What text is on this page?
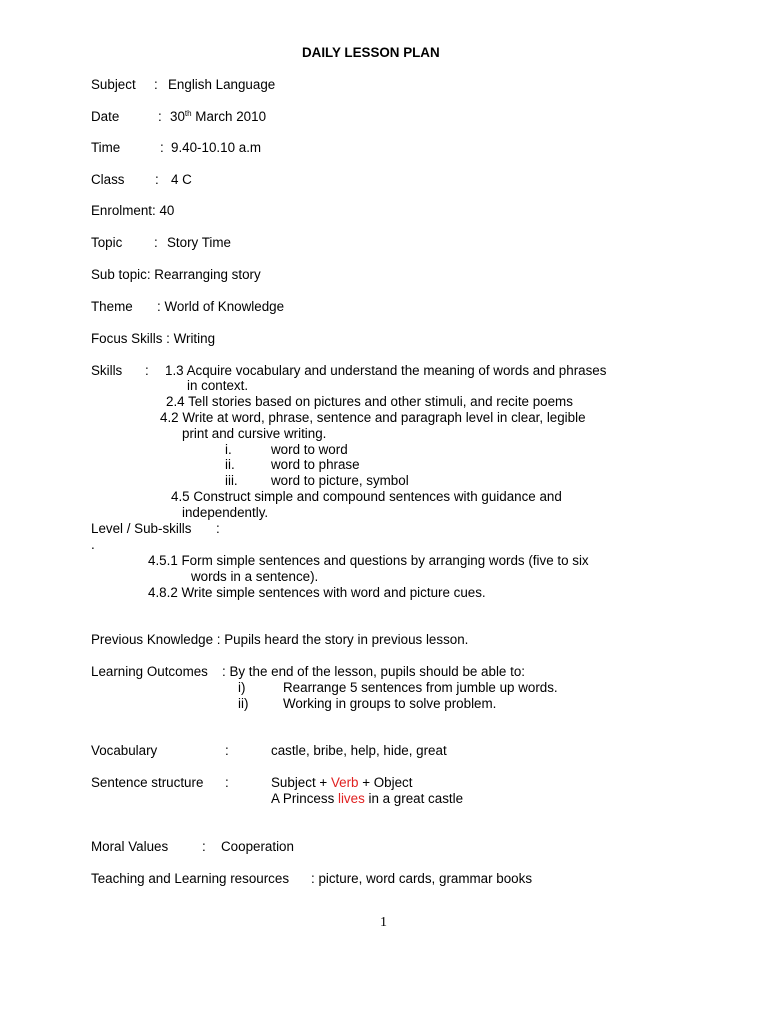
DAILY LESSON PLAN
Subject : English Language
Date	: 30th March 2010
Time	: 9.40-10.10 a.m
Class : 4 C
Enrolment: 40
Topic : Story Time
Sub topic: Rearranging story
Theme : World of Knowledge
Focus Skills : Writing
Skills : 1.3 Acquire vocabulary and understand the meaning of words and phrases
in context.
2.4 Tell stories based on pictures and other stimuli, and recite poems
4.2 Write at word, phrase, sentence and paragraph level in clear, legible
print and cursive writing.
i.	word to word
ii.	word to phrase
iii. word to picture, symbol
4.5 Construct simple and compound sentences with guidance and
independently.
Level / Sub-skills :
.
4.5.1 Form simple sentences and questions by arranging words (five to six
words in a sentence).
4.8.2 Write simple sentences with word and picture cues.
Previous Knowledge : Pupils heard the story in previous lesson.
Learning Outcomes : By the end of the lesson, pupils should be able to:
i)	Rearrange 5 sentences from jumble up words.
ii)	Working in groups to solve problem.
Vocabulary	:	castle, bribe, help, hide, great
Sentence structure :	Subject + Verb + Object
A Princess lives in a great castle
Moral Values	: Cooperation
Teaching and Learning resources : picture, word cards, grammar books
1
